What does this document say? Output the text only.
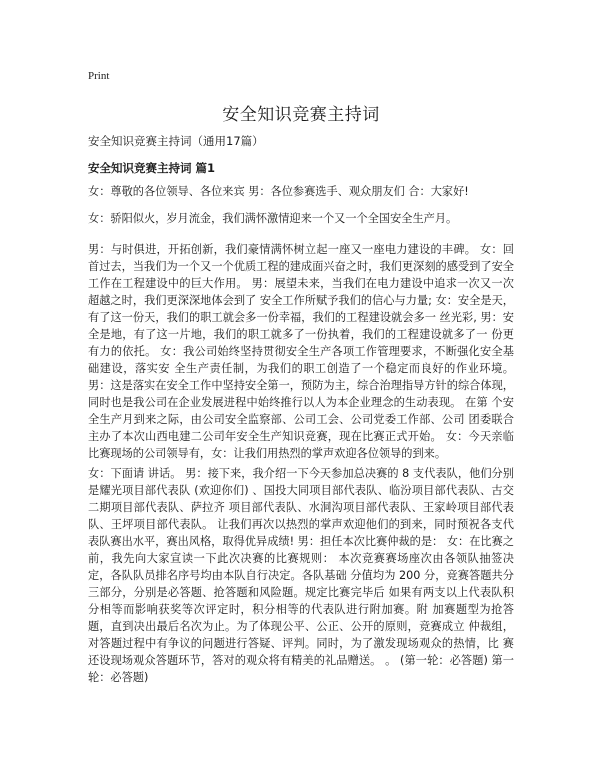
Print
安全知识竞赛主持词
安全知识竞赛主持词（通用17篇）
安全知识竞赛主持词 篇1

女：尊敬的各位领导、各位来宾 男：各位参赛选手、观众朋友们 合：大家好!

女：骄阳似火，岁月流金，我们满怀激情迎来一个又一个全国安全生产月。

男：与时俱进，开拓创新，我们豪情满怀树立起一座又一座电力建设的丰碑。 女：回首过去，当我们为一个又一个优质工程的建成面兴奋之时，我们更深刻的感受到了安全工作在工程建设中的巨大作用。 男：展望未来，当我们在电力建设中追求一次又一次超越之时，我们更深深地体会到了 安全工作所赋予我们的信心与力量; 女：安全是天，有了这一份天，我们的职工就会多一份幸福，我们的工程建设就会多一 丝光彩, 男：安全是地，有了这一片地，我们的职工就多了一份执着，我们的工程建设就多了一 份更有力的依托。 女：我公司始终坚持贯彻安全生产各项工作管理要求，不断强化安全基础建设，落实安 全生产责任制，为我们的职工创造了一个稳定而良好的作业环境。 男：这是落实在安全工作中坚持安全第一，预防为主，综合治理指导方针的综合体现， 同时也是我公司在企业发展进程中始终推行以人为本企业理念的生动表现。 在第 个安全生产月到来之际，由公司安全监察部、公司工会、公司党委工作部、公司 团委联合主办了本次山西电建二公司年安全生产知识竞赛，现在比赛正式开始。 女：今天亲临比赛现场的公司领导有，女：让我们用热烈的掌声欢迎各位领导的到来。

女：下面请 讲话。 男：接下来，我介绍一下今天参加总决赛的 8 支代表队，他们分别是耀光项目部代表队 (欢迎你们) 、国投大同项目部代表队、临汾项目部代表队、古交二期项目部代表队、萨拉齐 项目部代表队、水洞沟项目部代表队、王家岭项目部代表队、王坪项目部代表队。 让我们再次以热烈的掌声欢迎他们的到来，同时预祝各支代表队赛出水平，赛出风格，取得优异成绩! 男：担任本次比赛仲裁的是： 女：在比赛之前，我先向大家宣读一下此次决赛的比赛规则： 本次竞赛赛场座次由各领队抽签决定，各队队员排名序号均由本队自行决定。各队基础 分值均为 200 分，竞赛答题共分三部分，分别是必答题、抢答题和风险题。规定比赛完毕后 如果有两支以上代表队积分相等而影响获奖等次评定时，积分相等的代表队进行附加赛。附 加赛题型为抢答题，直到决出最后名次为止。为了体现公平、公正、公开的原则，竞赛成立 仲裁组，对答题过程中有争议的问题进行答疑、评判。同时，为了激发现场观众的热情，比 赛还设现场观众答题环节，答对的观众将有精美的礼品赠送。 。 (第一轮：必答题) 第一轮：必答题)
